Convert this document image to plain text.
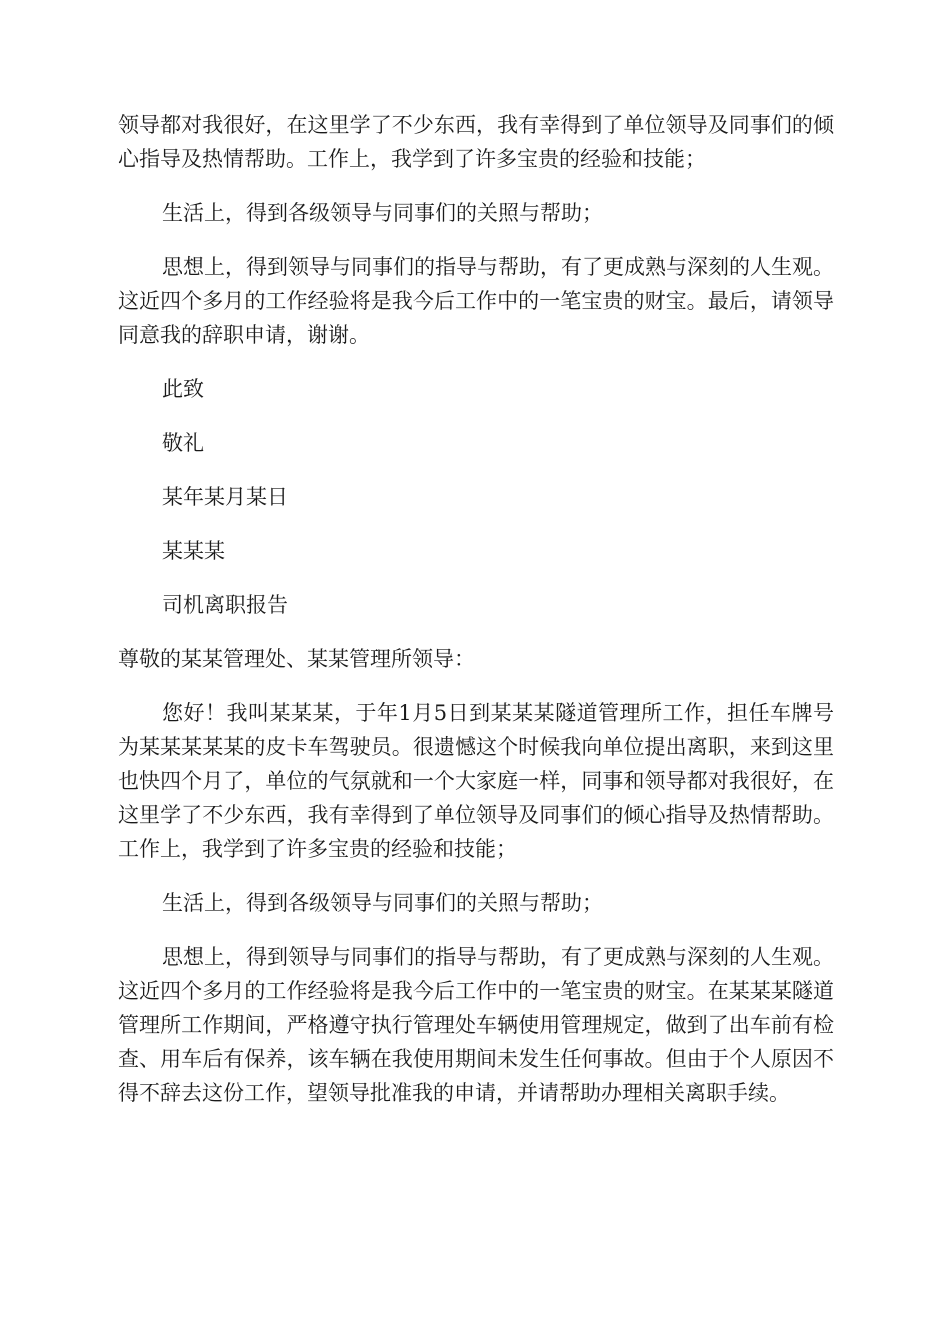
领导都对我很好，在这里学了不少东西，我有幸得到了单位领导及同事们的倾心指导及热情帮助。工作上，我学到了许多宝贵的经验和技能；

生活上，得到各级领导与同事们的关照与帮助；

思想上，得到领导与同事们的指导与帮助，有了更成熟与深刻的人生观。这近四个多月的工作经验将是我今后工作中的一笔宝贵的财宝。最后，请领导同意我的辞职申请，谢谢。

此致

敬礼

某年某月某日

某某某

司机离职报告

尊敬的某某管理处、某某管理所领导：

您好！我叫某某某，于年1月5日到某某某隧道管理所工作，担任车牌号为某某某某某的皮卡车驾驶员。很遗憾这个时候我向单位提出离职，来到这里也快四个月了，单位的气氛就和一个大家庭一样，同事和领导都对我很好，在这里学了不少东西，我有幸得到了单位领导及同事们的倾心指导及热情帮助。工作上，我学到了许多宝贵的经验和技能；

生活上，得到各级领导与同事们的关照与帮助；

思想上，得到领导与同事们的指导与帮助，有了更成熟与深刻的人生观。这近四个多月的工作经验将是我今后工作中的一笔宝贵的财宝。在某某某隧道管理所工作期间，严格遵守执行管理处车辆使用管理规定，做到了出车前有检查、用车后有保养，该车辆在我使用期间未发生任何事故。但由于个人原因不得不辞去这份工作，望领导批准我的申请，并请帮助办理相关离职手续。
